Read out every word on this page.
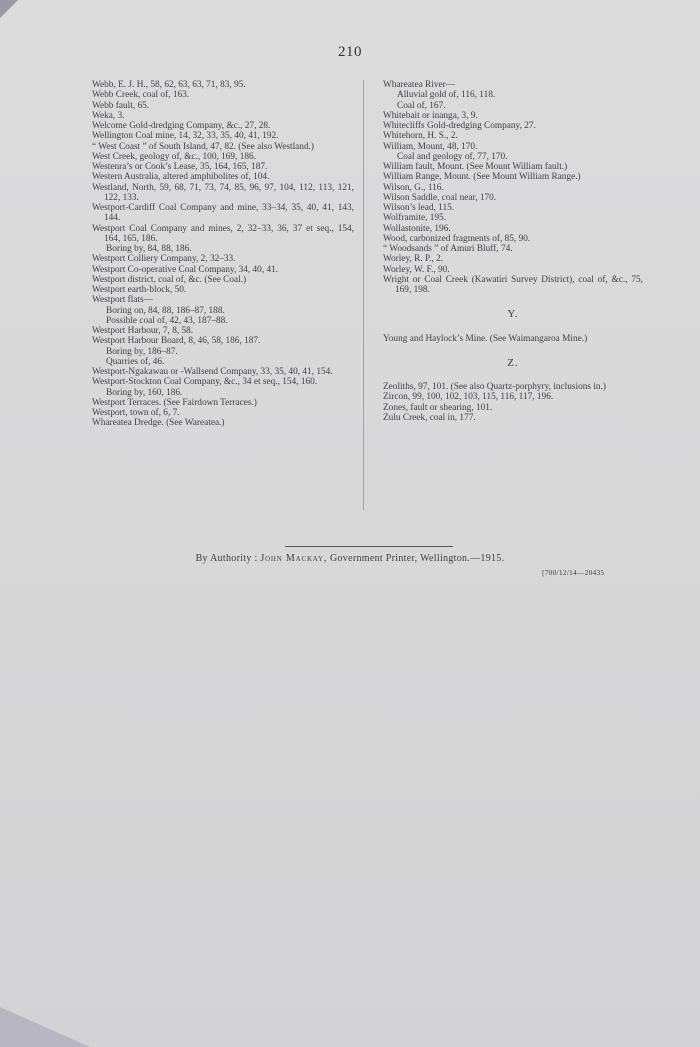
210
Webb, E. J. H., 58, 62, 63, 63, 71, 83, 95.
Webb Creek, coal of, 163.
Webb fault, 65.
Weka, 3.
Welcome Gold-dredging Company, &c., 27, 28.
Wellington Coal mine, 14, 32, 33, 35, 40, 41, 192.
“ West Coast ” of South Island, 47, 82. (See also Westland.)
West Creek, geology of, &c., 100, 169, 186.
Westenra’s or Cook’s Lease, 35, 164, 165, 187.
Western Australia, altered amphibolites of, 104.
Westland, North, 59, 68, 71, 73, 74, 85, 96, 97, 104, 112, 113, 121, 122, 133.
Westport-Cardiff Coal Company and mine, 33–34, 35, 40, 41, 143, 144.
Westport Coal Company and mines, 2, 32–33, 36, 37 et seq., 154, 164, 165, 186.
Boring by, 84, 88, 186.
Westport Colliery Company, 2, 32–33.
Westport Co-operative Coal Company, 34, 40, 41.
Westport district, coal of, &c. (See Coal.)
Westport earth-block, 50.
Westport flats—
Boring on, 84, 88, 186–87, 188.
Possible coal of, 42, 43, 187–88.
Westport Harbour, 7, 8, 58.
Westport Harbour Board, 8, 46, 58, 186, 187.
Boring by, 186–87.
Quarries of, 46.
Westport-Ngakawau or -Wallsend Company, 33, 35, 40, 41, 154.
Westport-Stockton Coal Company, &c., 34 et seq., 154, 160.
Boring by, 160, 186.
Westport Terraces. (See Fairdown Terraces.)
Westport, town of, 6, 7.
Whareatea Dredge. (See Wareatea.)
Whareatea River—
Alluvial gold of, 116, 118.
Coal of, 167.
Whitebait or inanga, 3, 9.
Whitecliffs Gold-dredging Company, 27.
Whitehorn, H. S., 2.
William, Mount, 48, 170.
Coal and geology of, 77, 170.
William fault, Mount. (See Mount William fault.)
William Range, Mount. (See Mount William Range.)
Wilson, G., 116.
Wilson Saddle, coal near, 170.
Wilson’s lead, 115.
Wolframite, 195.
Wollastonite, 196.
Wood, carbonized fragments of, 85, 90.
“ Woodsands ” of Amuri Bluff, 74.
Worley, R. P., 2.
Worley, W. F., 90.
Wright or Coal Creek (Kawatiri Survey District), coal of, &c., 75, 169, 198.
Y.
Young and Haylock’s Mine. (See Waimangaroa Mine.)
Z.
Zeoliths, 97, 101. (See also Quartz-porphyry, inclusions in.)
Zircon, 99, 100, 102, 103, 115, 116, 117, 196.
Zones, fault or shearing, 101.
Zulu Creek, coal in, 177.
By Authority : John Mackay, Government Printer, Wellington.—1915.
[700/12/14—20435
